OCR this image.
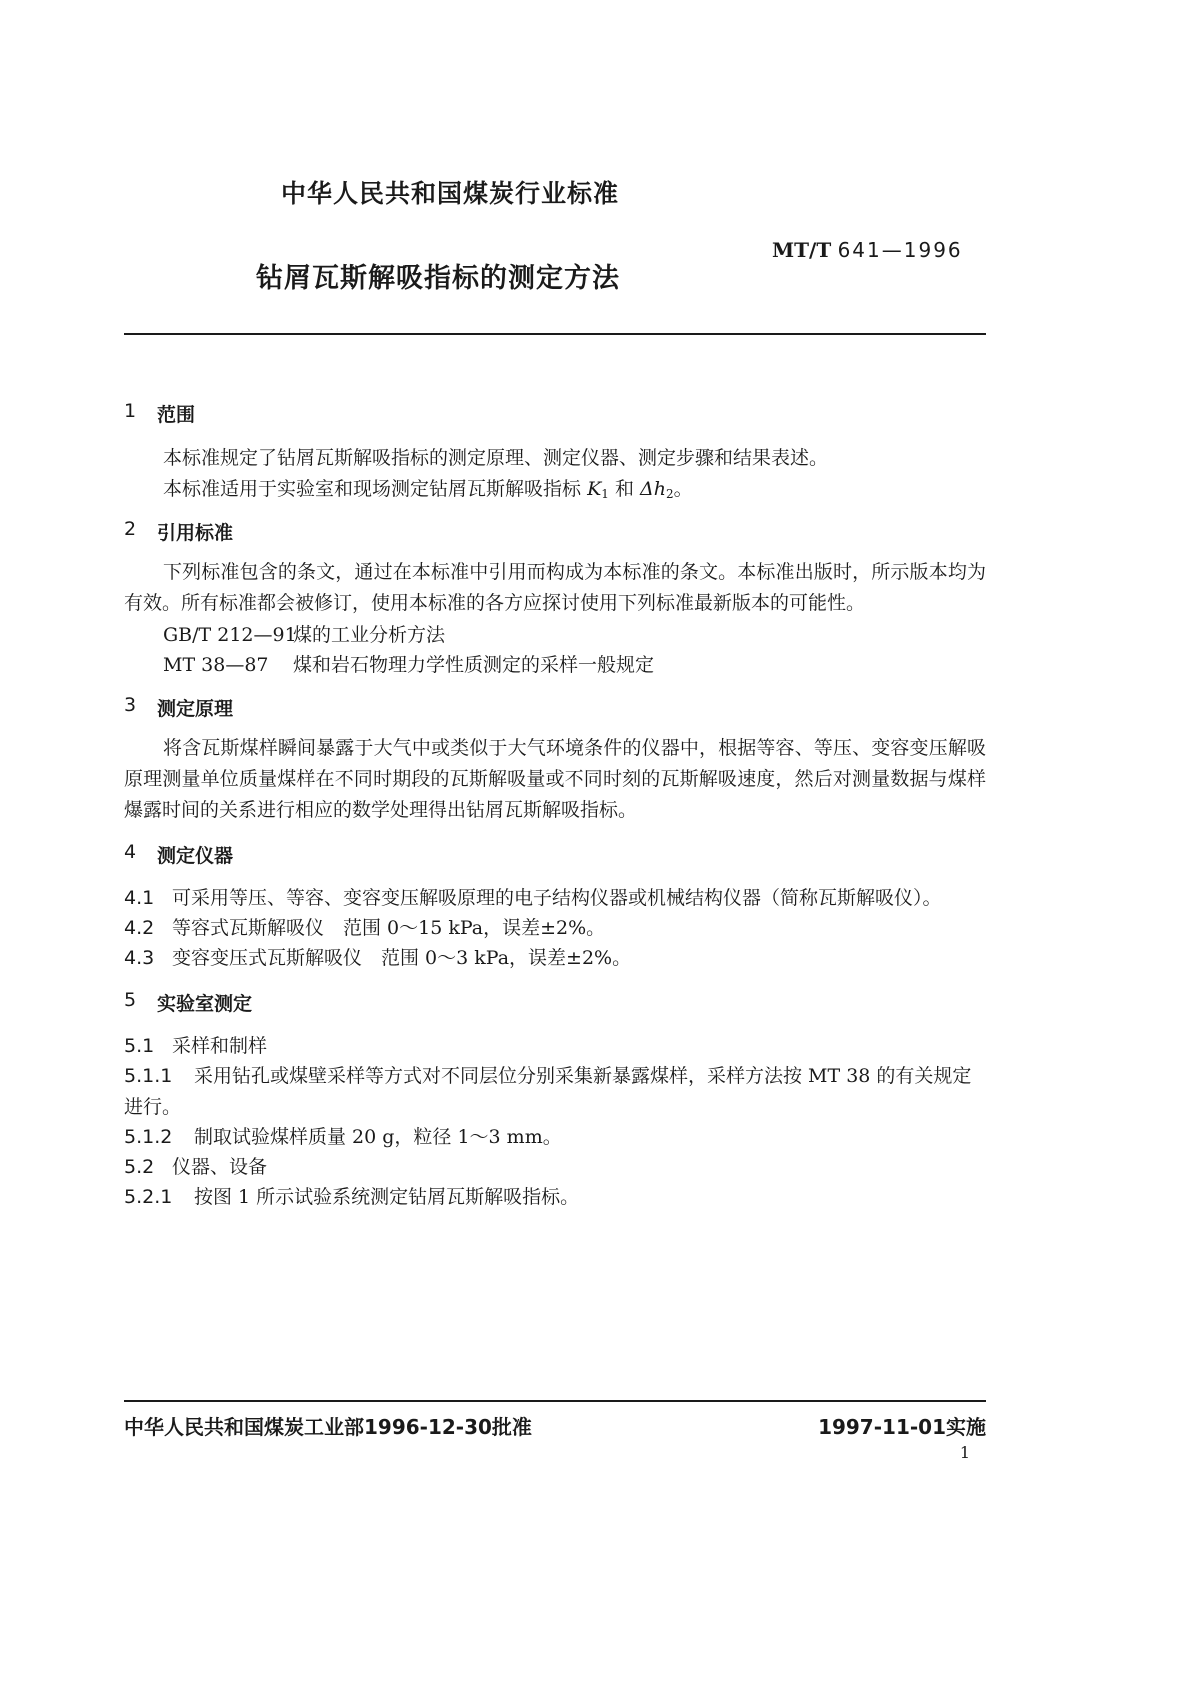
中华人民共和国煤炭行业标准
钻屑瓦斯解吸指标的测定方法
MT/T 641—1996
1 范围
本标准规定了钻屑瓦斯解吸指标的测定原理、测定仪器、测定步骤和结果表述。
本标准适用于实验室和现场测定钻屑瓦斯解吸指标 $K_1$ 和 $\Delta h_2$。
2 引用标准
下列标准包含的条文，通过在本标准中引用而构成为本标准的条文。本标准出版时，所示版本均为有效。所有标准都会被修订，使用本标准的各方应探讨使用下列标准最新版本的可能性。
GB/T 212—91煤的工业分析方法
MT 38—87 煤和岩石物理力学性质测定的采样一般规定
3 测定原理
将含瓦斯煤样瞬间暴露于大气中或类似于大气环境条件的仪器中，根据等容、等压、变容变压解吸原理测量单位质量煤样在不同时期段的瓦斯解吸量或不同时刻的瓦斯解吸速度，然后对测量数据与煤样爆露时间的关系进行相应的数学处理得出钻屑瓦斯解吸指标。
4 测定仪器
4.1 可采用等压、等容、变容变压解吸原理的电子结构仪器或机械结构仪器（简称瓦斯解吸仪）。
4.2 等容式瓦斯解吸仪　范围 0～15 kPa，误差±2%。
4.3 变容变压式瓦斯解吸仪　范围 0～3 kPa，误差±2%。
5 实验室测定
5.1 采样和制样
5.1.1 采用钻孔或煤壁采样等方式对不同层位分别采集新暴露煤样，采样方法按 MT 38 的有关规定
进行。
5.1.2 制取试验煤样质量 20 g，粒径 1～3 mm。
5.2 仪器、设备
5.2.1 按图 1 所示试验系统测定钻屑瓦斯解吸指标。
中华人民共和国煤炭工业部1996-12-30批准	1997-11-01实施
1
